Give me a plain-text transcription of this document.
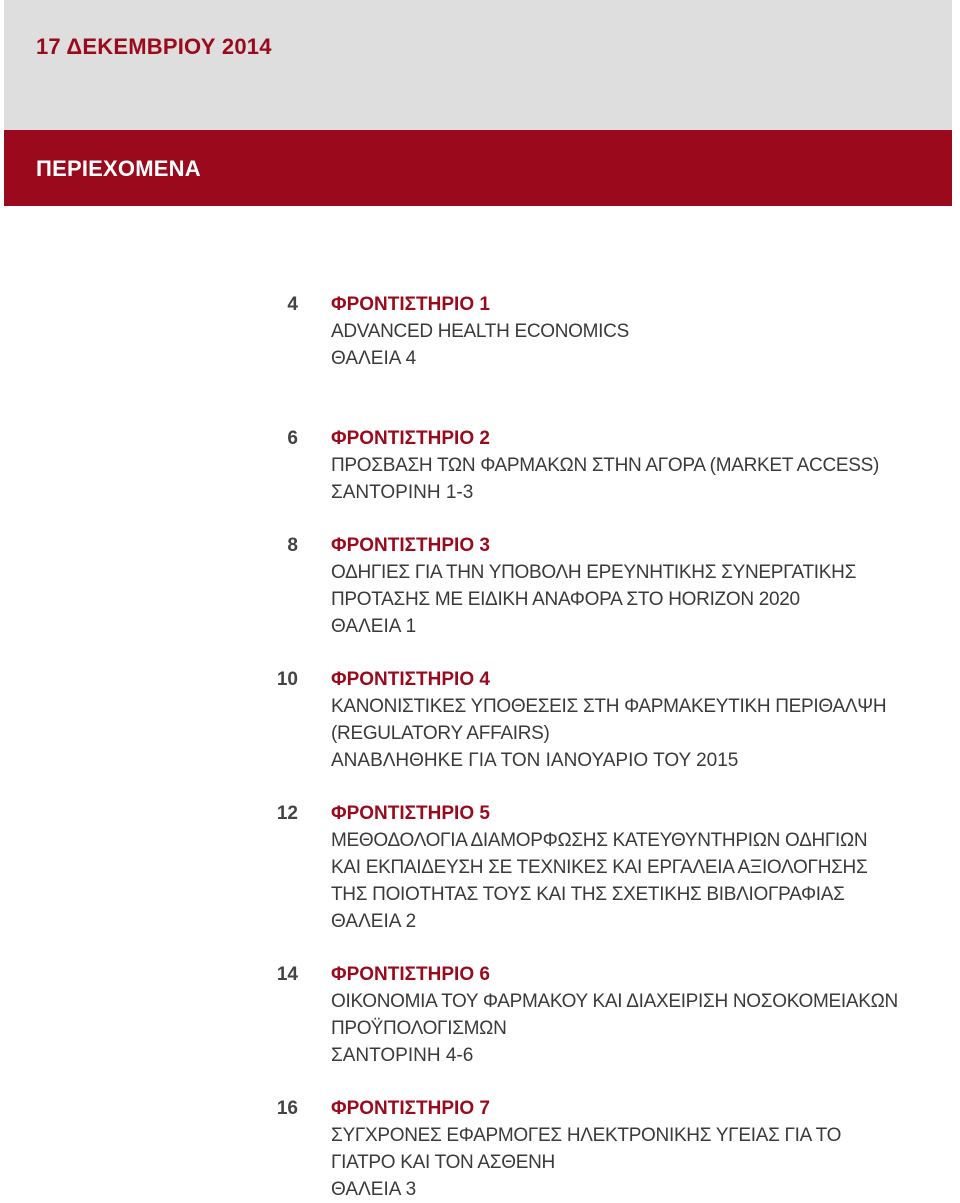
17 ΔΕΚΕΜΒΡΙΟΥ 2014
ΠΕΡΙΕΧΟΜΕΝΑ
4 ΦΡΟΝΤΙΣΤΗΡΙΟ 1
ADVANCED HEALTH ECONOMICS
ΘΑΛΕΙΑ 4
6 ΦΡΟΝΤΙΣΤΗΡΙΟ 2
ΠΡΟΣΒΑΣΗ ΤΩΝ ΦΑΡΜΑΚΩΝ ΣΤΗΝ ΑΓΟΡΑ (MARKET ACCESS)
ΣΑΝΤΟΡΙΝΗ 1-3
8 ΦΡΟΝΤΙΣΤΗΡΙΟ 3
ΟΔΗΓΙΕΣ ΓΙΑ ΤΗΝ ΥΠΟΒΟΛΗ ΕΡΕΥΝΗΤΙΚΗΣ ΣΥΝΕΡΓΑΤΙΚΗΣ
ΠΡΟΤΑΣΗΣ ΜΕ ΕΙΔΙΚΗ ΑΝΑΦΟΡΑ ΣΤΟ HORIZON 2020
ΘΑΛΕΙΑ 1
10 ΦΡΟΝΤΙΣΤΗΡΙΟ 4
ΚΑΝΟΝΙΣΤΙΚΕΣ ΥΠΟΘΕΣΕΙΣ ΣΤΗ ΦΑΡΜΑΚΕΥΤΙΚΗ ΠΕΡΙΘΑΛΨΗ
(REGULATORY AFFAIRS)
ΑΝΑΒΛΗΘΗΚΕ ΓΙΑ ΤΟΝ ΙΑΝΟΥΑΡΙΟ ΤΟΥ 2015
12 ΦΡΟΝΤΙΣΤΗΡΙΟ 5
ΜΕΘΟΔΟΛΟΓΙΑ ΔΙΑΜΟΡΦΩΣΗΣ ΚΑΤΕΥΘΥΝΤΗΡΙΩΝ ΟΔΗΓΙΩΝ
ΚΑΙ ΕΚΠΑΙΔΕΥΣΗ ΣΕ ΤΕΧΝΙΚΕΣ ΚΑΙ ΕΡΓΑΛΕΙΑ ΑΞΙΟΛΟΓΗΣΗΣ
ΤΗΣ ΠΟΙΟΤΗΤΑΣ ΤΟΥΣ ΚΑΙ ΤΗΣ ΣΧΕΤΙΚΗΣ ΒΙΒΛΙΟΓΡΑΦΙΑΣ
ΘΑΛΕΙΑ 2
14 ΦΡΟΝΤΙΣΤΗΡΙΟ 6
ΟΙΚΟΝΟΜΙΑ ΤΟΥ ΦΑΡΜΑΚΟΥ ΚΑΙ ΔΙΑΧΕΙΡΙΣΗ ΝΟΣΟΚΟΜΕΙΑΚΩΝ
ΠΡΟΫΠΟΛΟΓΙΣΜΩΝ
ΣΑΝΤΟΡΙΝΗ 4-6
16 ΦΡΟΝΤΙΣΤΗΡΙΟ 7
ΣΥΓΧΡΟΝΕΣ ΕΦΑΡΜΟΓΕΣ ΗΛΕΚΤΡΟΝΙΚΗΣ ΥΓΕΙΑΣ ΓΙΑ ΤΟ
ΓΙΑΤΡΟ ΚΑΙ ΤΟΝ ΑΣΘΕΝΗ
ΘΑΛΕΙΑ 3
